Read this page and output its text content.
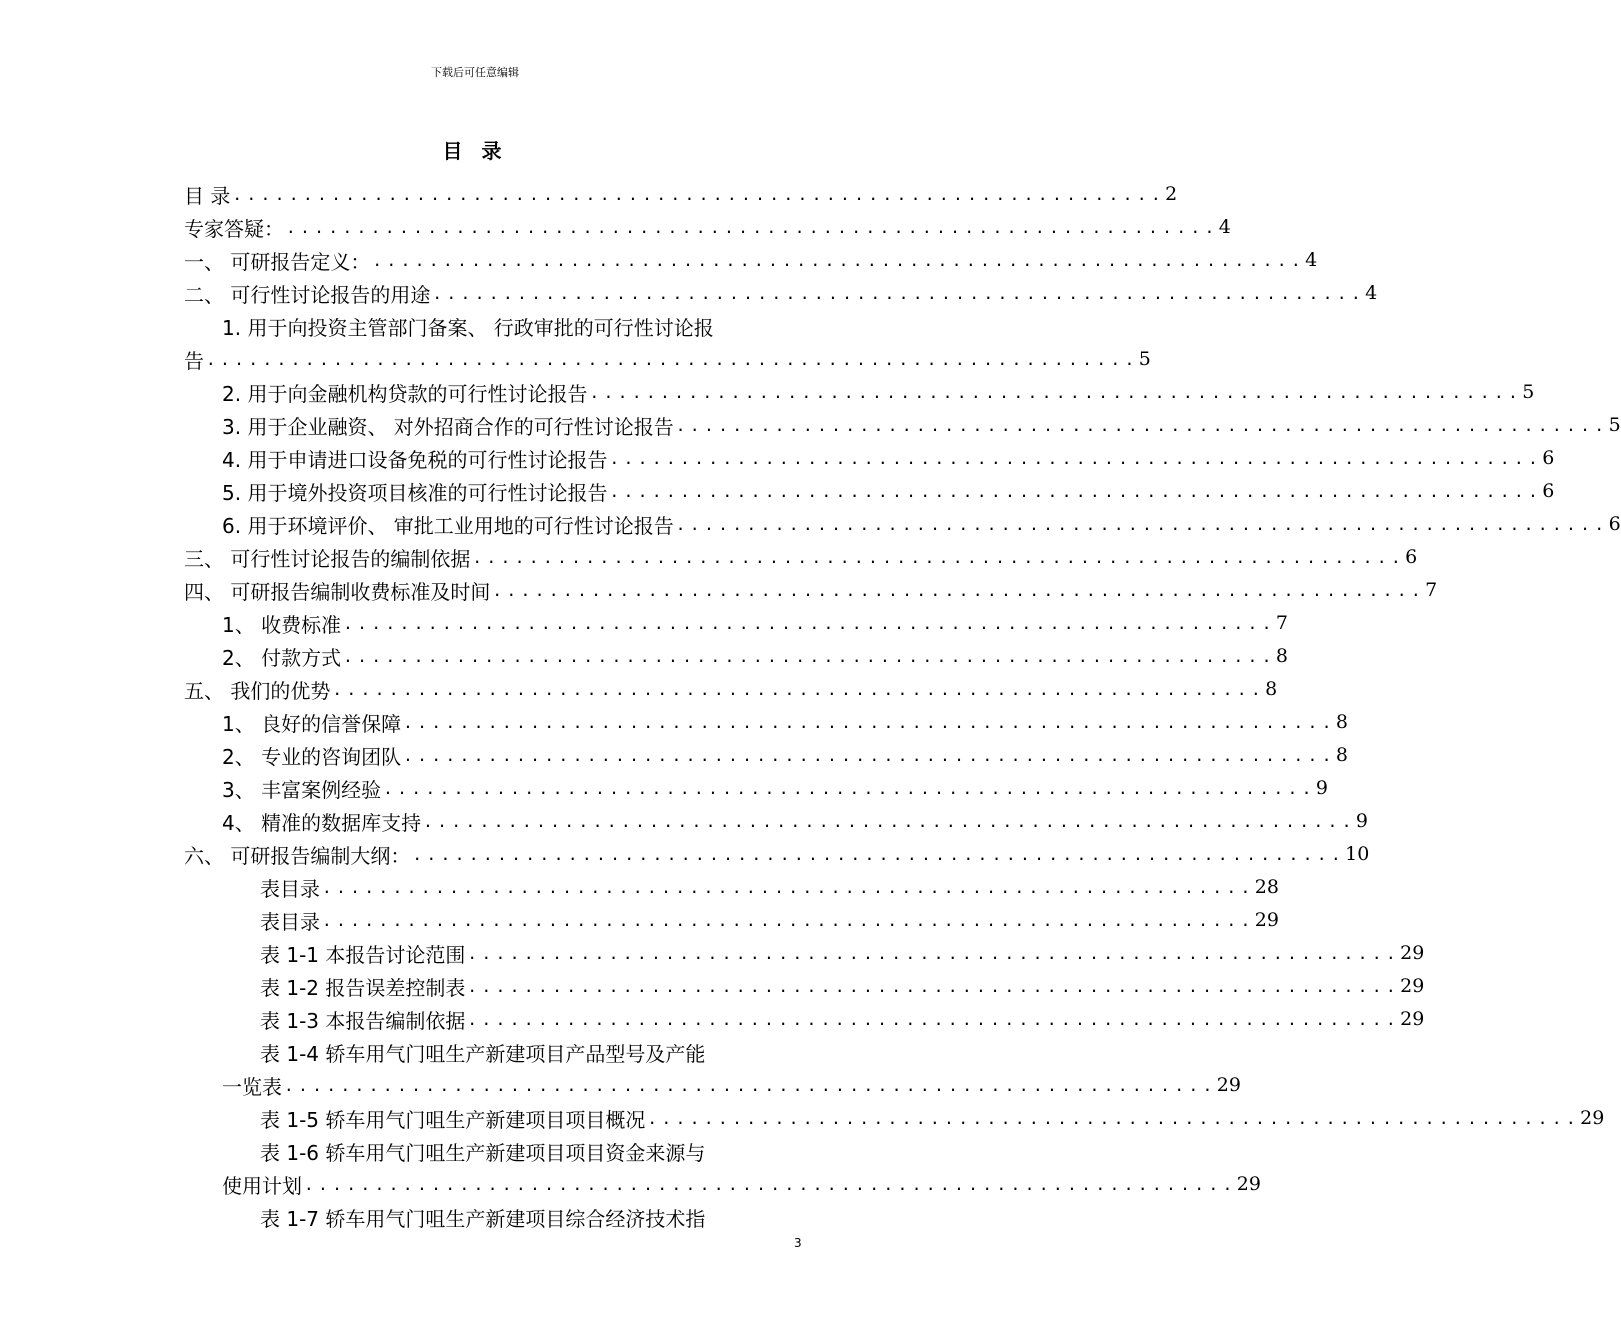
下载后可任意编辑
目 录
目 录 .................................................................. 2
专家答疑： .................................................................. 4
一、 可研报告定义： .................................................................. 4
二、 可行性讨论报告的用途 .................................................................. 4
1. 用于向投资主管部门备案、 行政审批的可行性讨论报
告 .................................................................. 5
2. 用于向金融机构贷款的可行性讨论报告 .................................................................. 5
3. 用于企业融资、 对外招商合作的可行性讨论报告 .................................................................. 5
4. 用于申请进口设备免税的可行性讨论报告 .................................................................. 6
5. 用于境外投资项目核准的可行性讨论报告 .................................................................. 6
6. 用于环境评价、 审批工业用地的可行性讨论报告 .................................................................. 6
三、 可行性讨论报告的编制依据 .................................................................. 6
四、 可研报告编制收费标准及时间 .................................................................. 7
1、 收费标准 .................................................................. 7
2、 付款方式 .................................................................. 8
五、 我们的优势 .................................................................. 8
1、 良好的信誉保障 .................................................................. 8
2、 专业的咨询团队 .................................................................. 8
3、 丰富案例经验 .................................................................. 9
4、 精准的数据库支持 .................................................................. 9
六、 可研报告编制大纲： .................................................................. 10
表目录 .................................................................. 28
表目录 .................................................................. 29
表 1-1 本报告讨论范围 .................................................................. 29
表 1-2 报告误差控制表 .................................................................. 29
表 1-3 本报告编制依据 .................................................................. 29
表 1-4 轿车用气门咀生产新建项目产品型号及产能
一览表 .................................................................. 29
表 1-5 轿车用气门咀生产新建项目项目概况 .................................................................. 29
表 1-6 轿车用气门咀生产新建项目项目资金来源与
使用计划 .................................................................. 29
表 1-7 轿车用气门咀生产新建项目综合经济技术指
3
